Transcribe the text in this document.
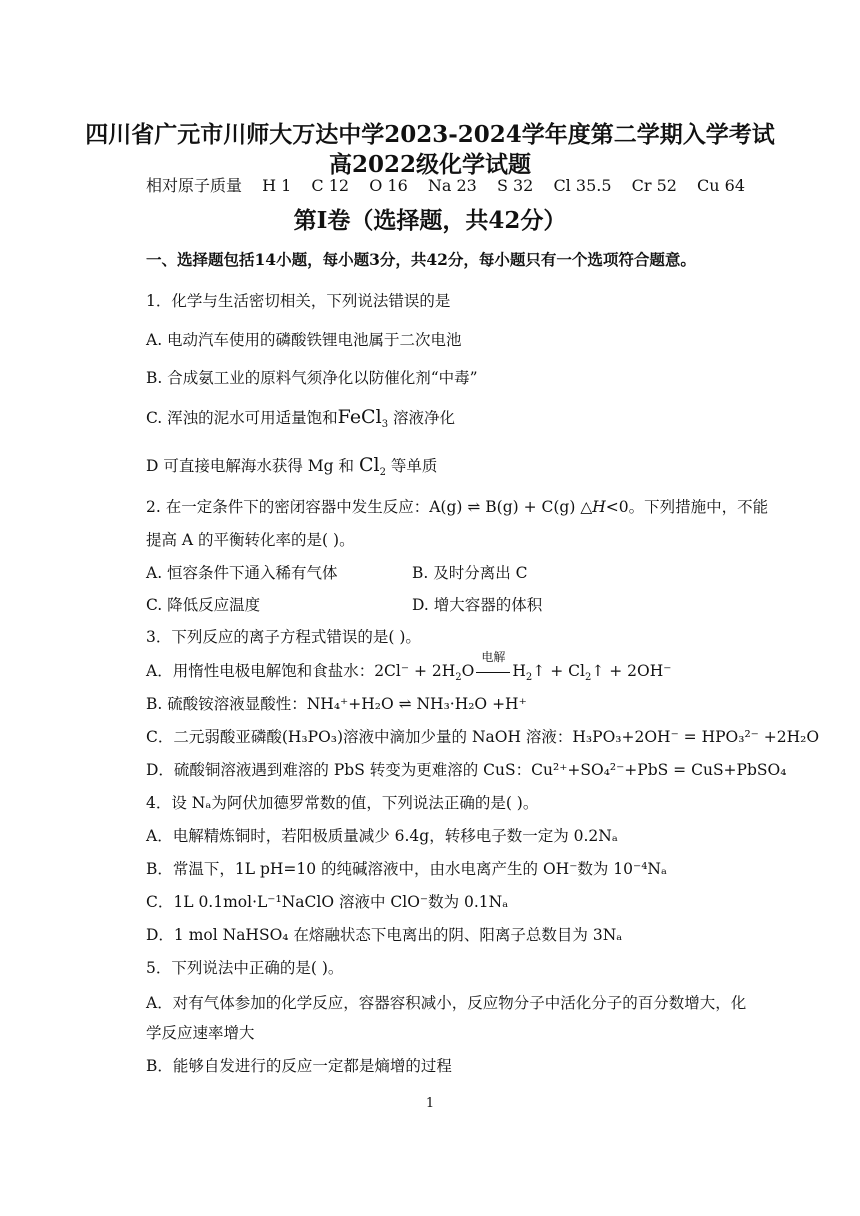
四川省广元市川师大万达中学2023-2024学年度第二学期入学考试
高2022级化学试题
相对原子质量 H 1 C 12 O 16 Na 23 S 32 Cl 35.5 Cr 52 Cu 64
第I卷（选择题，共42分）
一、选择题包括14小题，每小题3分，共42分，每小题只有一个选项符合题意。
1．化学与生活密切相关，下列说法错误的是
A. 电动汽车使用的磷酸铁锂电池属于二次电池
B. 合成氨工业的原料气须净化以防催化剂“中毒”
C. 浑浊的泥水可用适量饱和FeCl$_3$ 溶液净化
D 可直接电解海水获得 Mg 和 $Cl_2$ 等单质
2. 在一定条件下的密闭容器中发生反应：A(g) ⇌ B(g) + C(g) △H<0。下列措施中，不能
提高 A 的平衡转化率的是( )。
A. 恒容条件下通入稀有气体	B. 及时分离出 C
C. 降低反应温度	D. 增大容器的体积
3．下列反应的离子方程式错误的是( )。
A．用惰性电极电解饱和食盐水：$2Cl^- + 2H_2O$
电解
$H_2↑$ + $Cl_2↑ + 2OH^-$
B. 硫酸铵溶液显酸性：NH₄⁺+H₂O ⇌ NH₃·H₂O +H⁺
C．二元弱酸亚磷酸(H₃PO₃)溶液中滴加少量的 NaOH 溶液：H₃PO₃+2OH⁻ = HPO₃²⁻ +2H₂O
D．硫酸铜溶液遇到难溶的 PbS 转变为更难溶的 CuS：Cu²⁺+SO₄²⁻+PbS = CuS+PbSO₄
4．设 Nₐ为阿伏加德罗常数的值，下列说法正确的是( )。
A．电解精炼铜时，若阳极质量减少 6.4g，转移电子数一定为 0.2Nₐ
B．常温下，1L pH=10 的纯碱溶液中，由水电离产生的 OH⁻数为 10⁻⁴Nₐ
C．1L 0.1mol·L⁻¹NaClO 溶液中 ClO⁻数为 0.1Nₐ
D．1 mol NaHSO₄ 在熔融状态下电离出的阴、阳离子总数目为 3Nₐ
5．下列说法中正确的是( )。
A．对有气体参加的化学反应，容器容积减小，反应物分子中活化分子的百分数增大，化
学反应速率增大
B．能够自发进行的反应一定都是熵增的过程
1
